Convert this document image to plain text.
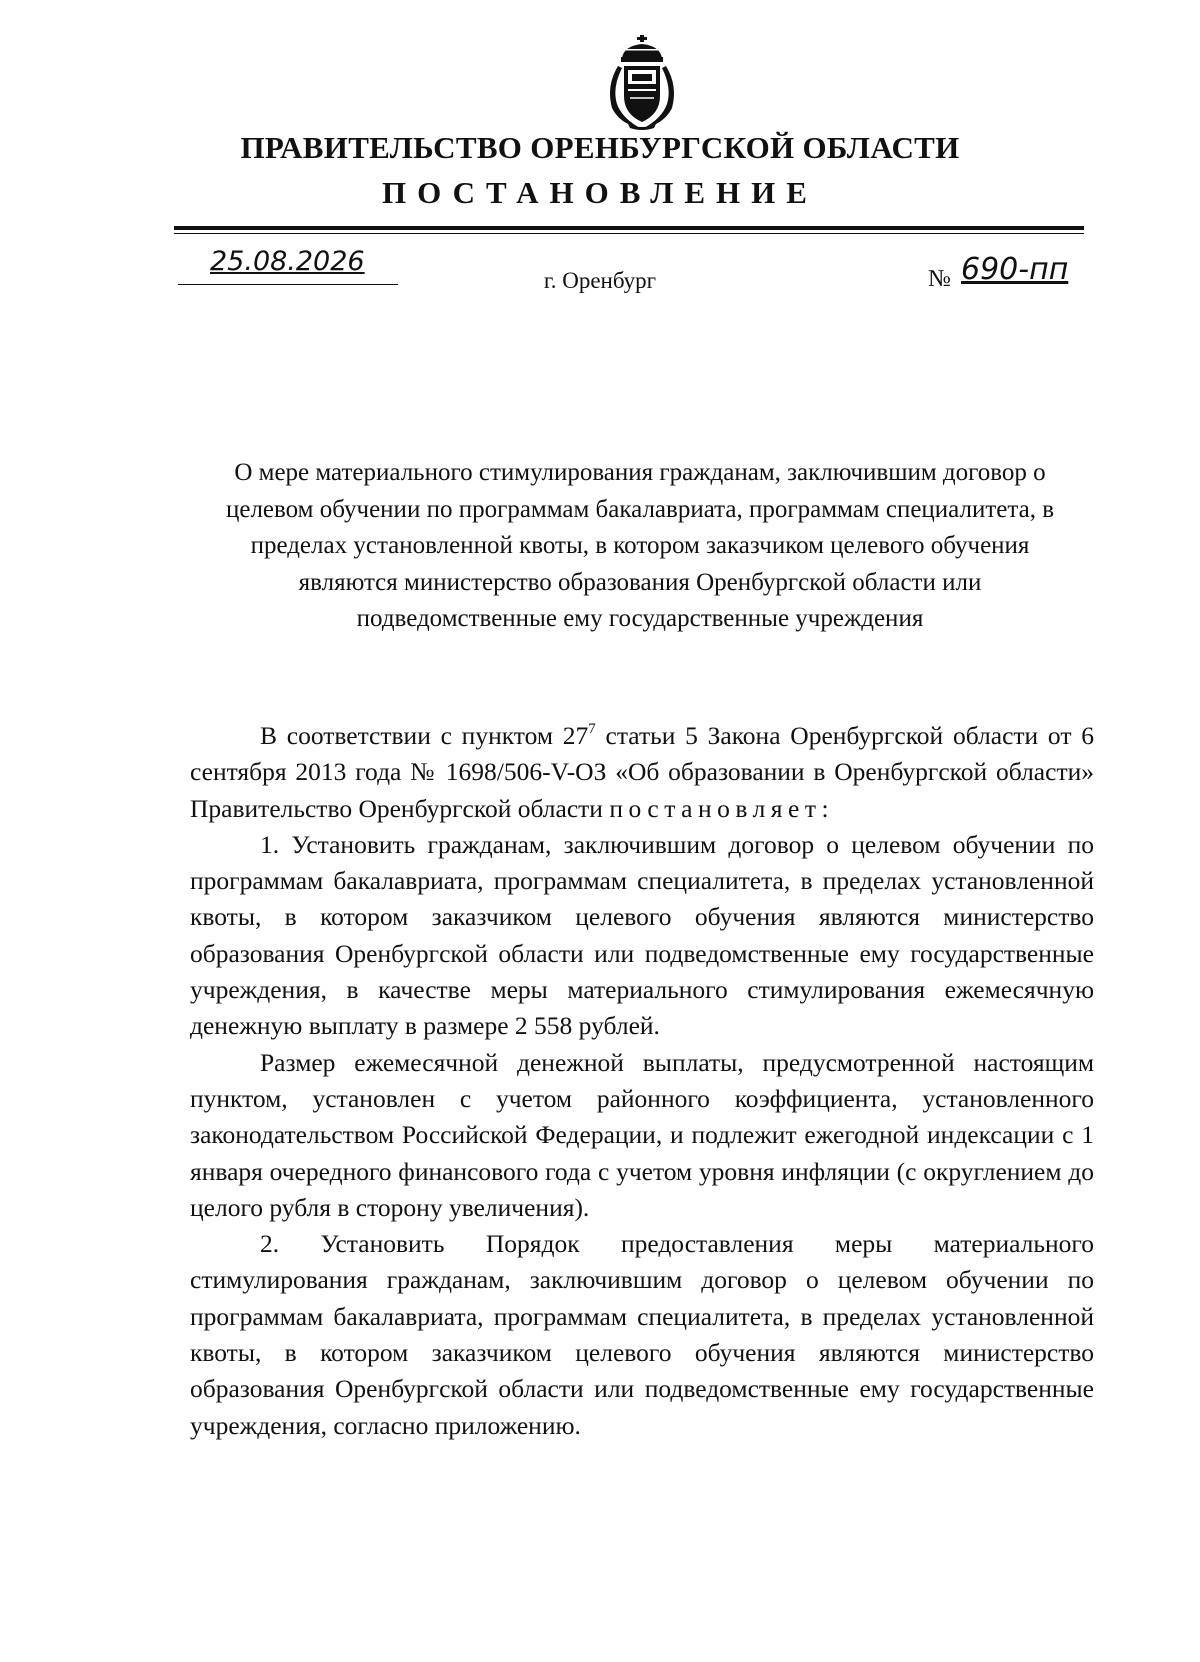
ПРАВИТЕЛЬСТВО ОРЕНБУРГСКОЙ ОБЛАСТИ
ПОСТАНОВЛЕНИЕ
25.08.2026
г. Оренбург	№ 690-пп
О мере материального стимулирования гражданам, заключившим договор о целевом обучении по программам бакалавриата, программам специалитета, в пределах установленной квоты, в котором заказчиком целевого обучения являются министерство образования Оренбургской области или подведомственные ему государственные учреждения

В соответствии с пунктом $27^7$ статьи 5 Закона Оренбургской области от 6 сентября 2013 года № 1698/506-V-ОЗ «Об образовании в Оренбургской области» Правительство Оренбургской области постановляет:

1. Установить гражданам, заключившим договор о целевом обучении по программам бакалавриата, программам специалитета, в пределах установленной квоты, в котором заказчиком целевого обучения являются министерство образования Оренбургской области или подведомственные ему государственные учреждения, в качестве меры материального стимулирования ежемесячную денежную выплату в размере 2 558 рублей.

Размер ежемесячной денежной выплаты, предусмотренной настоящим пунктом, установлен с учетом районного коэффициента, установленного законодательством Российской Федерации, и подлежит ежегодной индексации с 1 января очередного финансового года с учетом уровня инфляции (с округлением до целого рубля в сторону увеличения).

2. Установить Порядок предоставления меры материального стимулирования гражданам, заключившим договор о целевом обучении по программам бакалавриата, программам специалитета, в пределах установленной квоты, в котором заказчиком целевого обучения являются министерство образования Оренбургской области или подведомственные ему государственные учреждения, согласно приложению.
